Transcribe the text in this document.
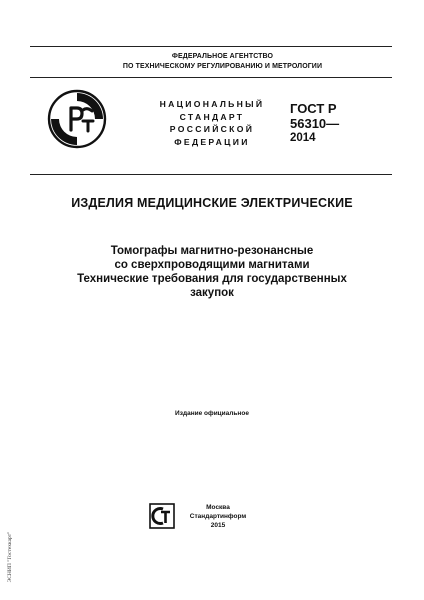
ФЕДЕРАЛЬНОЕ АГЕНТСТВО
ПО ТЕХНИЧЕСКОМУ РЕГУЛИРОВАНИЮ И МЕТРОЛОГИИ
НАЦИОНАЛЬНЫЙ
СТАНДАРТ
РОССИЙСКОЙ
ФЕДЕРАЦИИ
ГОСТ Р
56310—
2014
ИЗДЕЛИЯ МЕДИЦИНСКИЕ ЭЛЕКТРИЧЕСКИЕ
Томографы магнитно-резонансные
со сверхпроводящими магнитами
Технические требования для государственных
закупок
Издание официальное
Москва
Стандартинформ
2015
ЭСНИП "Гостехкарт"
